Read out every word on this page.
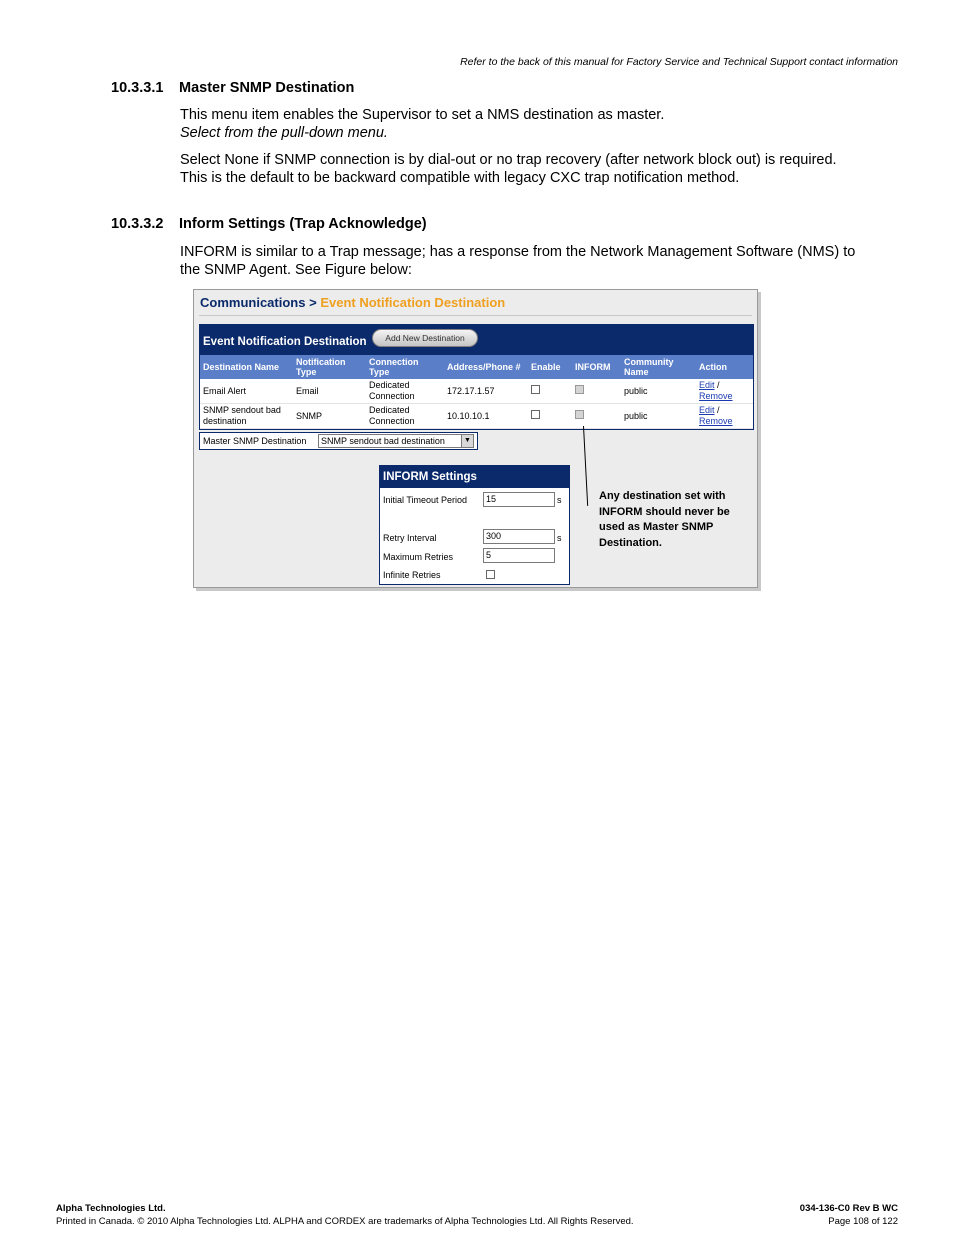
Refer to the back of this manual for Factory Service and Technical Support contact information
10.3.3.1 Master SNMP Destination
This menu item enables the Supervisor to set a NMS destination as master.
Select from the pull-down menu.
Select None if SNMP connection is by dial-out or no trap recovery (after network block out) is required. This is the default to be backward compatible with legacy CXC trap notification method.
10.3.3.2 Inform Settings (Trap Acknowledge)
INFORM is similar to a Trap message; has a response from the Network Management Software (NMS) to the SNMP Agent. See Figure below:
Communications > Event Notification Destination
Event Notification Destination	Add New Destination
Destination Name	Notification Type	Connection Type	Address/Phone #	Enable	INFORM	Community Name	Action
Email Alert	Email	Dedicated Connection	172.17.1.57			public	Edit /
Remove
SNMP sendout bad destination	SNMP	Dedicated Connection	10.10.10.1			public	Edit /
Remove
Master SNMP Destination	SNMP sendout bad destination	▼
INFORM Settings
Initial Timeout Period	15	s
Retry Interval	300	s
Maximum Retries	5
Infinite Retries
Any destination set with INFORM should never be used as Master SNMP Destination.
Alpha Technologies Ltd.	034-136-C0 Rev B WC
Printed in Canada. © 2010 Alpha Technologies Ltd. ALPHA and CORDEX are trademarks of Alpha Technologies Ltd. All Rights Reserved.	Page 108 of 122
